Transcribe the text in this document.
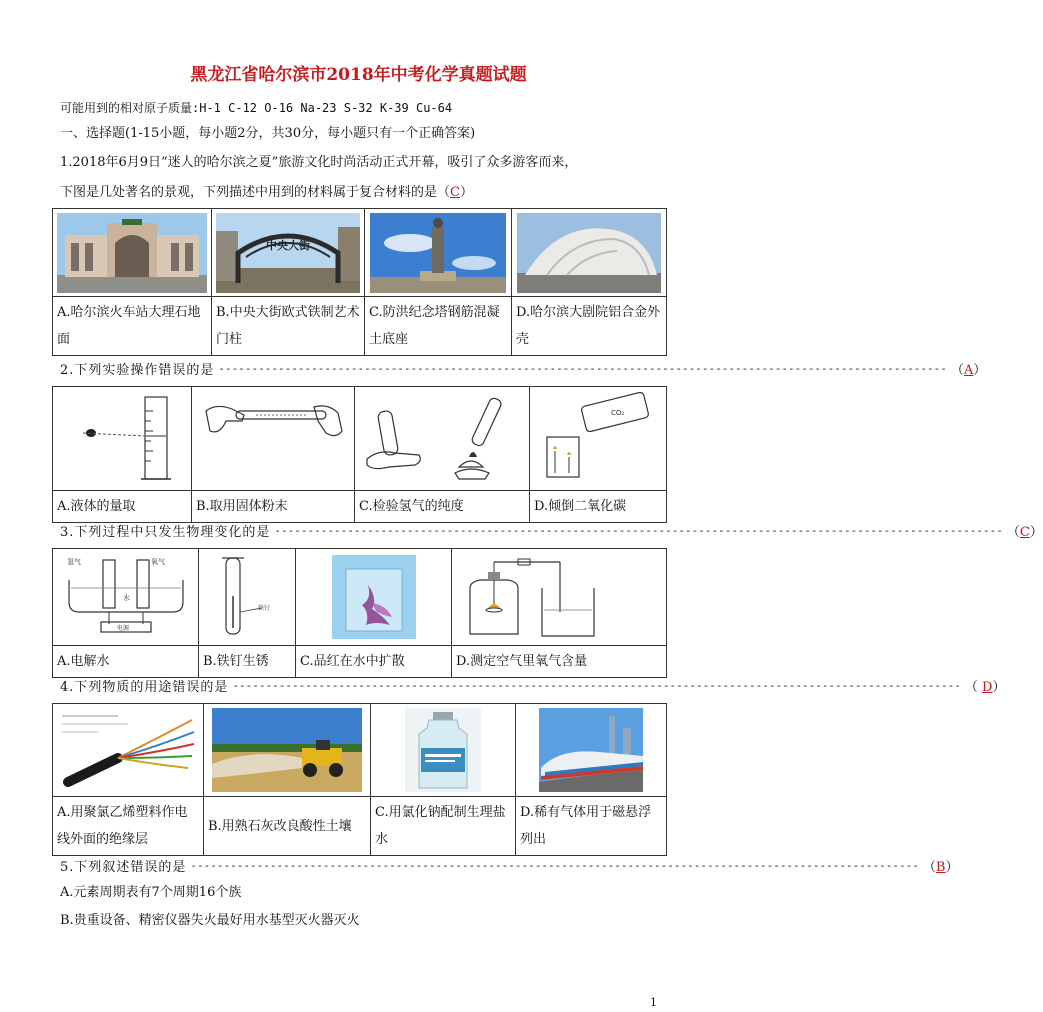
黑龙江省哈尔滨市2018年中考化学真题试题
可能用到的相对原子质量:H-1 C-12 O-16 Na-23 S-32 K-39 Cu-64
一、选择题(1-15小题，每小题2分，共30分，每小题只有一个正确答案)
1.2018年6月9日“迷人的哈尔滨之夏”旅游文化时尚活动正式开幕，吸引了众多游客而来，
下图是几处著名的景观，下列描述中用到的材料属于复合材料的是（C）

中央大街

A.哈尔滨火车站大理石地面	B.中央大街欧式铁制艺术门柱	C.防洪纪念塔钢筋混凝土底座	D.哈尔滨大剧院铝合金外壳
2.下列实验操作错误的是 -------------------------------------------------------------------------------------------------------------- （A）

CO₂

A.液体的量取	B.取用固体粉末	C.检验氢气的纯度	D.倾倒二氧化碳
3.下列过程中只发生物理变化的是 -------------------------------------------------------------------------------------------------------------- （C）
氢气 氧气
水
电源	铁钉

A.电解水	B.铁钉生锈	C.品红在水中扩散	D.测定空气里氧气含量
4.下列物质的用途错误的是 -------------------------------------------------------------------------------------------------------------- （ D）

A.用聚氯乙烯塑料作电线外面的绝缘层	B.用熟石灰改良酸性土壤	C.用氯化钠配制生理盐水	D.稀有气体用于磁悬浮列出
5.下列叙述错误的是 -------------------------------------------------------------------------------------------------------------- （B）
A.元素周期表有7个周期16个族
B.贵重设备、精密仪器失火最好用水基型灭火器灭火
1
